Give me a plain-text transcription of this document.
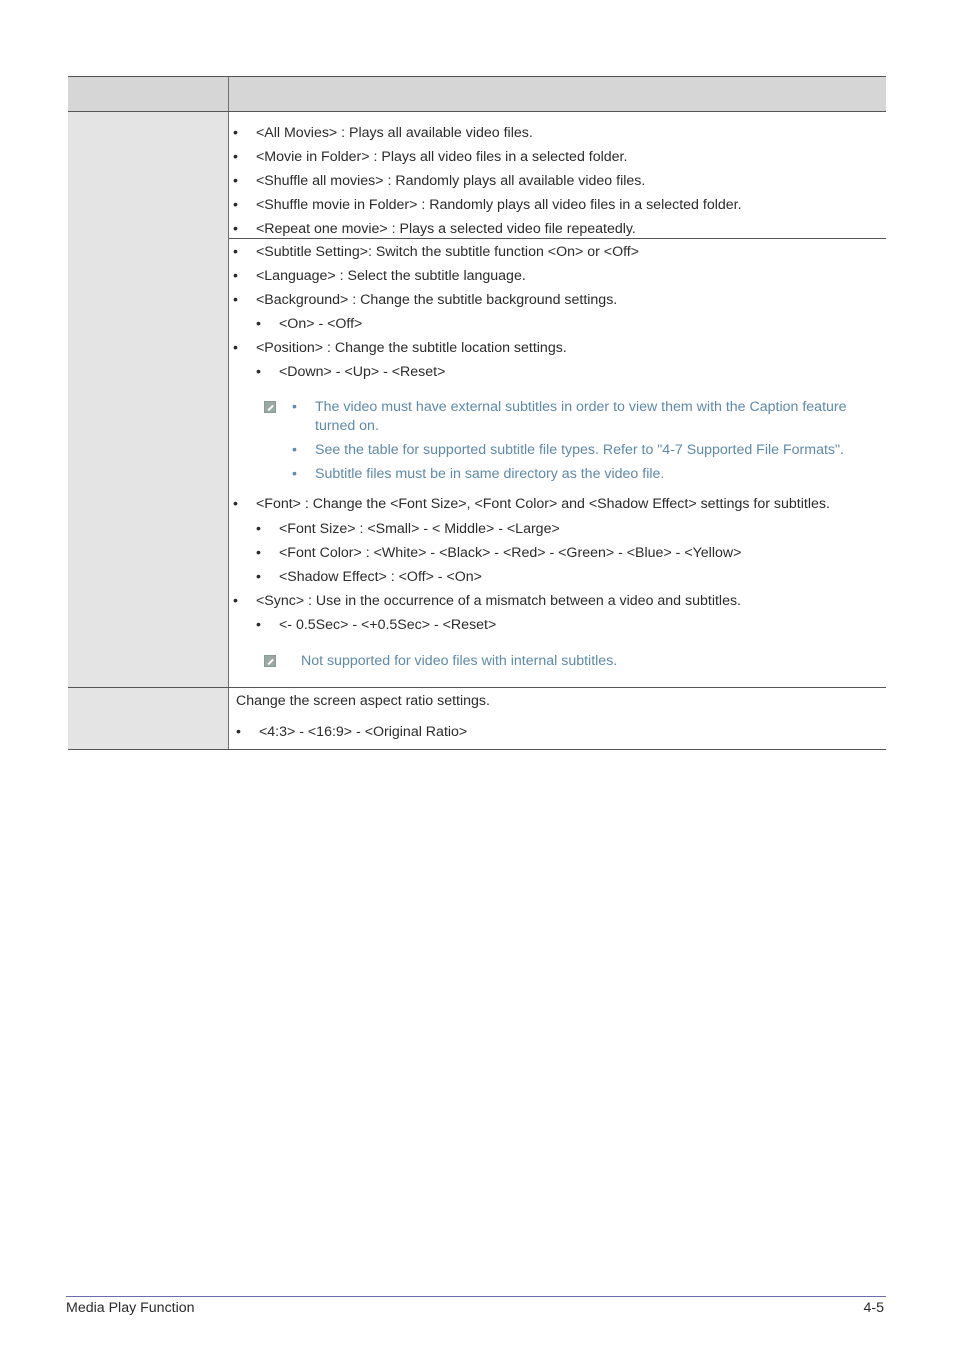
• <All Movies> : Plays all available video files.
• <Movie in Folder> : Plays all video files in a selected folder.
• <Shuffle all movies> : Randomly plays all available video files.
• <Shuffle movie in Folder> : Randomly plays all video files in a selected folder.
• <Repeat one movie> : Plays a selected video file repeatedly.
• <Subtitle Setting>: Switch the subtitle function <On> or <Off>
• <Language> : Select the subtitle language.
• <Background> : Change the subtitle background settings.
• <On> - <Off>
• <Position> : Change the subtitle location settings.
• <Down> - <Up> - <Reset>
• The video must have external subtitles in order to view them with the Caption feature
turned on.
• See the table for supported subtitle file types. Refer to "4-7 Supported File Formats".
• Subtitle files must be in same directory as the video file.
• <Font> : Change the <Font Size>, <Font Color> and <Shadow Effect> settings for subtitles.
• <Font Size> : <Small> - < Middle> - <Large>
• <Font Color> : <White> - <Black> - <Red> - <Green> - <Blue> - <Yellow>
• <Shadow Effect> : <Off> - <On>
• <Sync> : Use in the occurrence of a mismatch between a video and subtitles.
• <- 0.5Sec> - <+0.5Sec> - <Reset>
Not supported for video files with internal subtitles.
Change the screen aspect ratio settings.
• <4:3> - <16:9> - <Original Ratio>
Media Play Function	4-5
